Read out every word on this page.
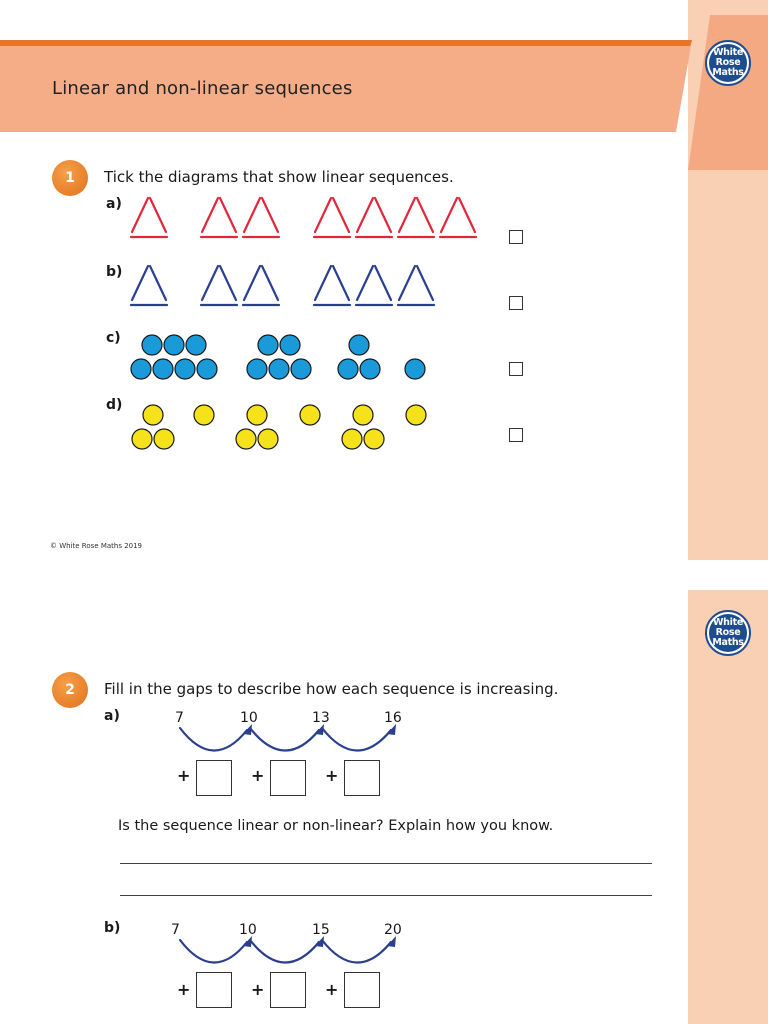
Linear and non-linear sequences
White
Rose
Maths
1	Tick the diagrams that show linear sequences.
a)
b)
c)
d)
© White Rose Maths 2019
White
Rose
Maths
2	Fill in the gaps to describe how each sequence is increasing.
a)	7	10	13	16
+	+	+
Is the sequence linear or non-linear? Explain how you know.
b)	7	10	15	20
+	+	+
